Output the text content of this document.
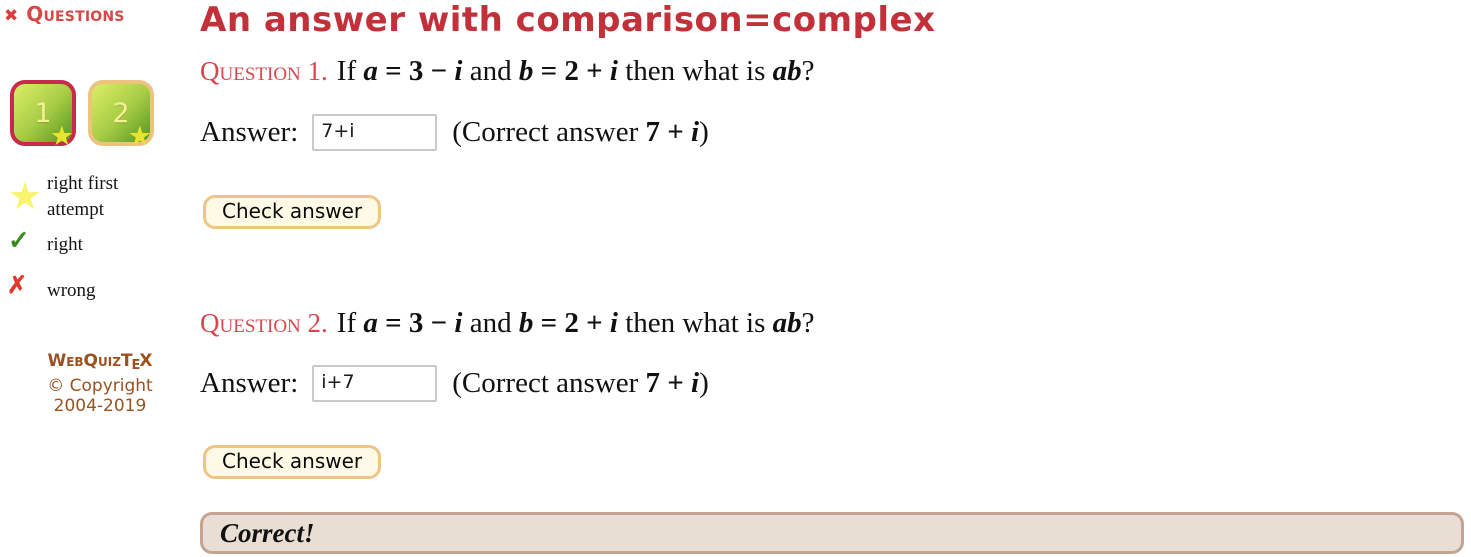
✖ Questions
1
★
2
★
★ right first
attempt
✓ right
✗ wrong
WebQuizTEX
© Copyright
2004-2019
An answer with comparison=complex
Question 1. If a = 3 − i and b = 2 + i then what is ab?
Answer:
7+i	(Correct answer 7 + i)
Check answer
Question 2. If a = 3 − i and b = 2 + i then what is ab?
Answer:
i+7	(Correct answer 7 + i)
Check answer
Correct!
